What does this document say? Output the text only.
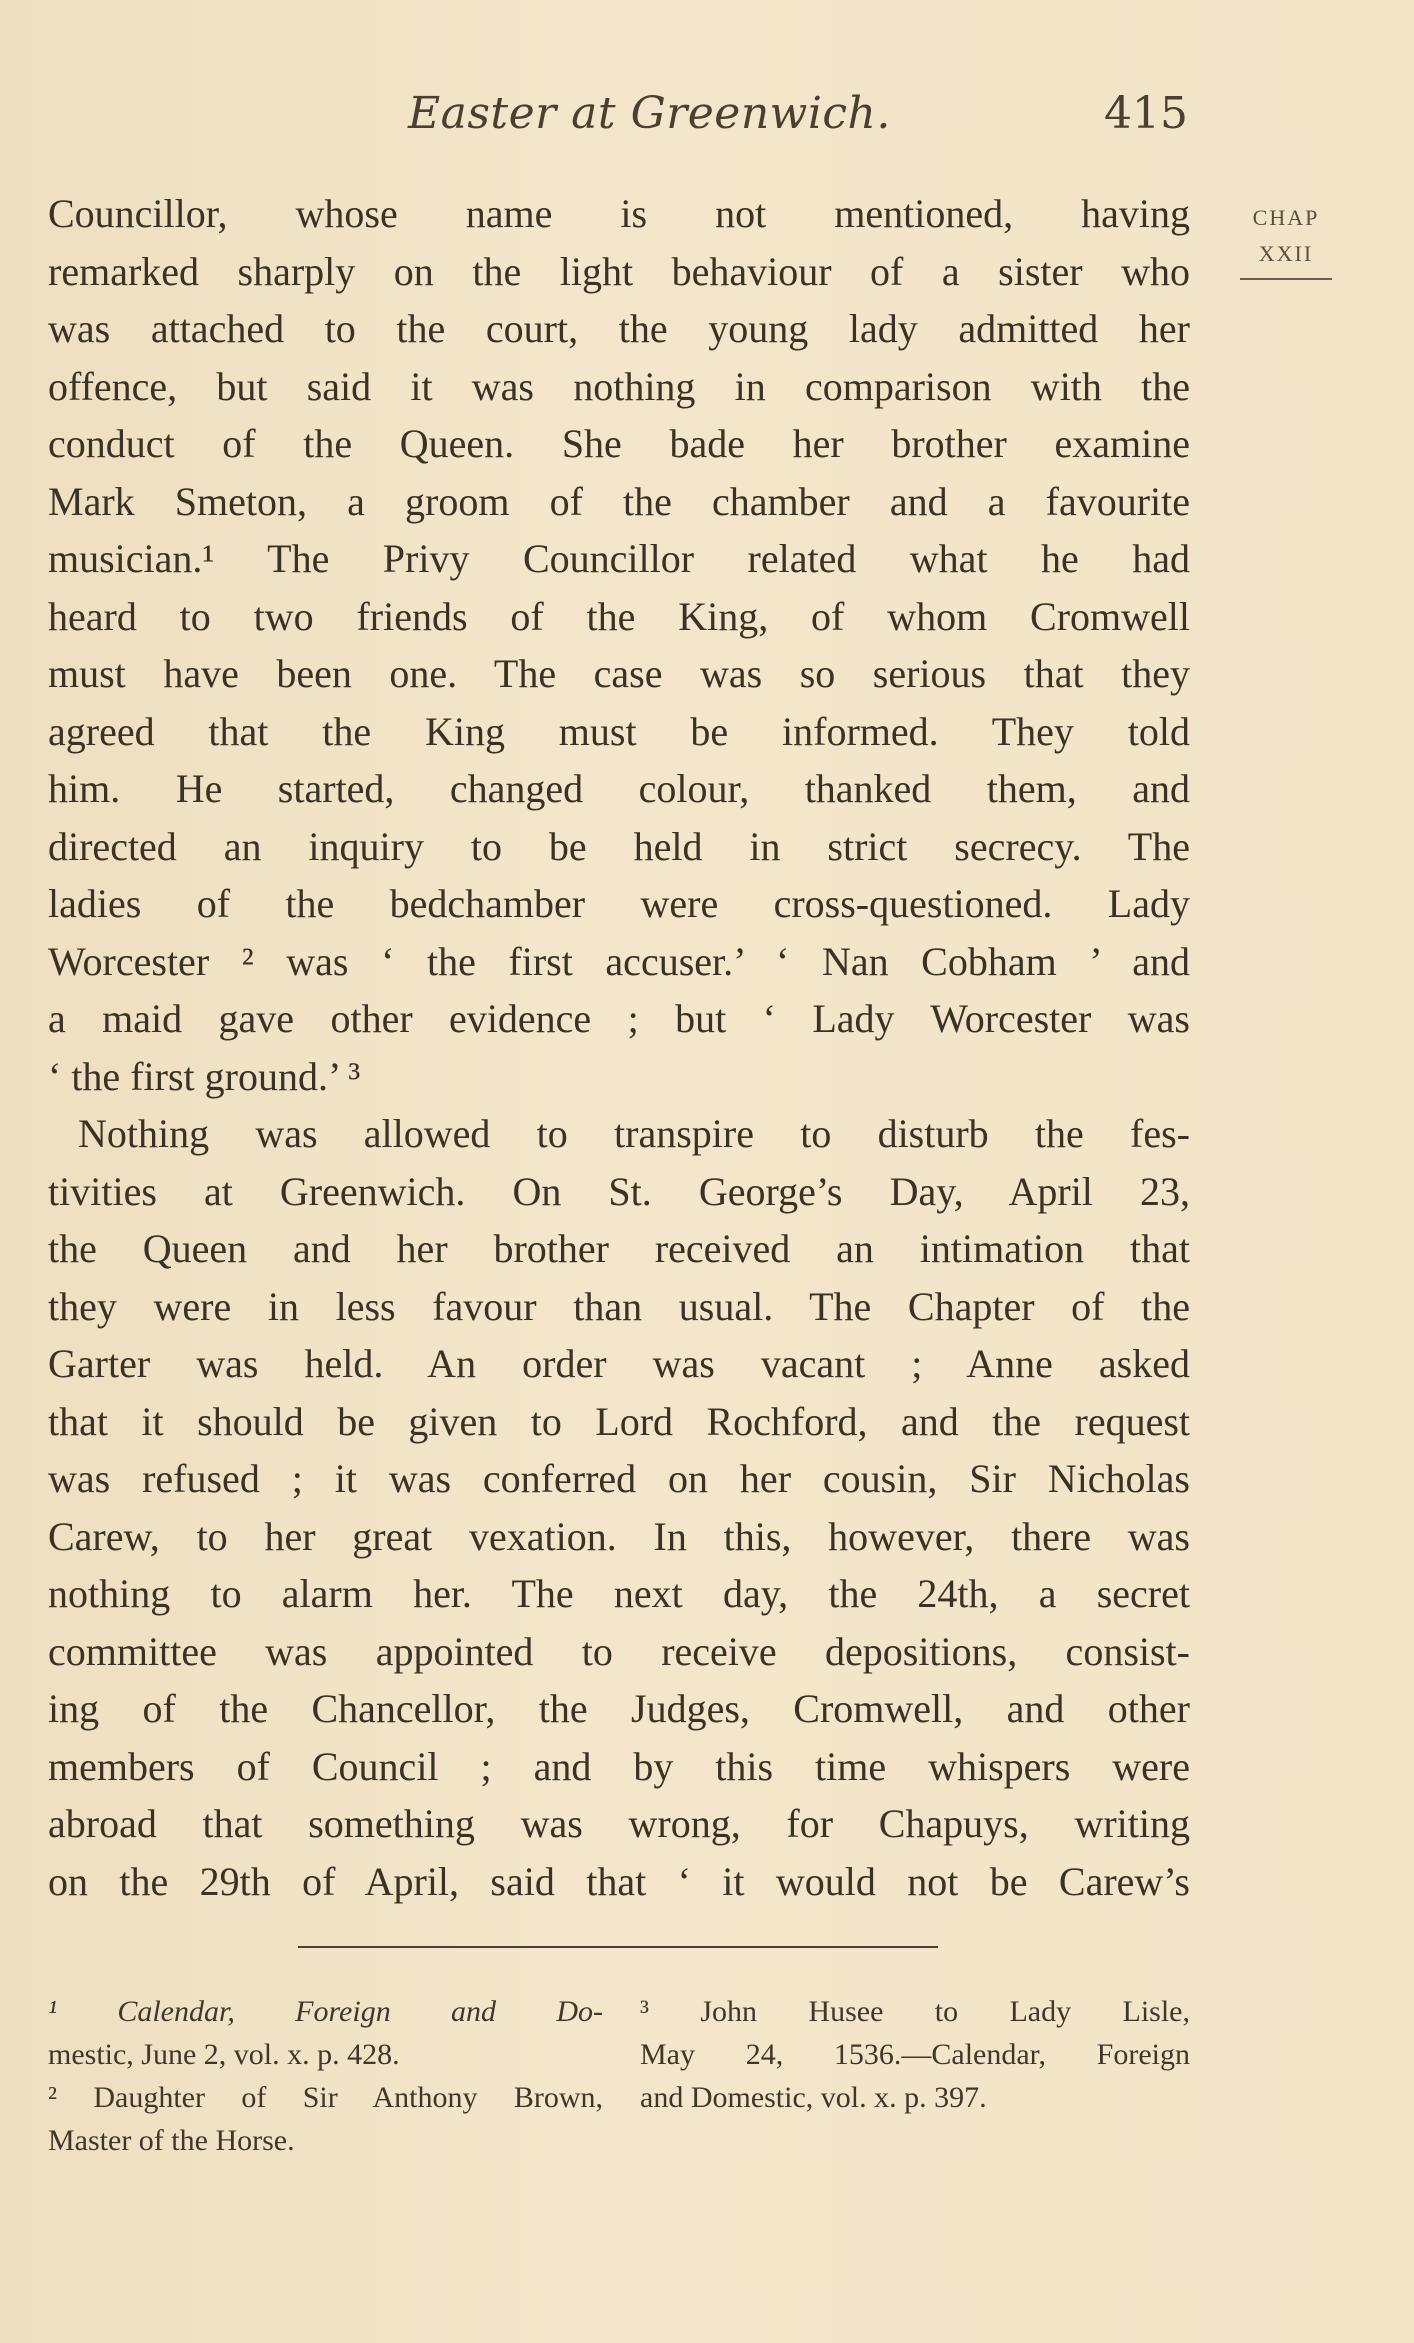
Easter at Greenwich.	415
CHAP
XXII
Councillor, whose name is not mentioned, having
remarked sharply on the light behaviour of a sister who
was attached to the court, the young lady admitted her
offence, but said it was nothing in comparison with the
conduct of the Queen. She bade her brother examine
Mark Smeton, a groom of the chamber and a favourite
musician.¹ The Privy Councillor related what he had
heard to two friends of the King, of whom Cromwell
must have been one. The case was so serious that they
agreed that the King must be informed. They told
him. He started, changed colour, thanked them, and
directed an inquiry to be held in strict secrecy. The
ladies of the bedchamber were cross-questioned. Lady
Worcester ² was ‘ the first accuser.’ ‘ Nan Cobham ’ and
a maid gave other evidence ; but ‘ Lady Worcester was
‘ the first ground.’ ³
Nothing was allowed to transpire to disturb the fes-
tivities at Greenwich. On St. George’s Day, April 23,
the Queen and her brother received an intimation that
they were in less favour than usual. The Chapter of the
Garter was held. An order was vacant ; Anne asked
that it should be given to Lord Rochford, and the request
was refused ; it was conferred on her cousin, Sir Nicholas
Carew, to her great vexation. In this, however, there was
nothing to alarm her. The next day, the 24th, a secret
committee was appointed to receive depositions, consist-
ing of the Chancellor, the Judges, Cromwell, and other
members of Council ; and by this time whispers were
abroad that something was wrong, for Chapuys, writing
on the 29th of April, said that ‘ it would not be Carew’s
¹ Calendar, Foreign and Do-
mestic, June 2, vol. x. p. 428.
² Daughter of Sir Anthony Brown,
Master of the Horse.
³ John Husee to Lady Lisle,
May 24, 1536.—Calendar, Foreign
and Domestic, vol. x. p. 397.
